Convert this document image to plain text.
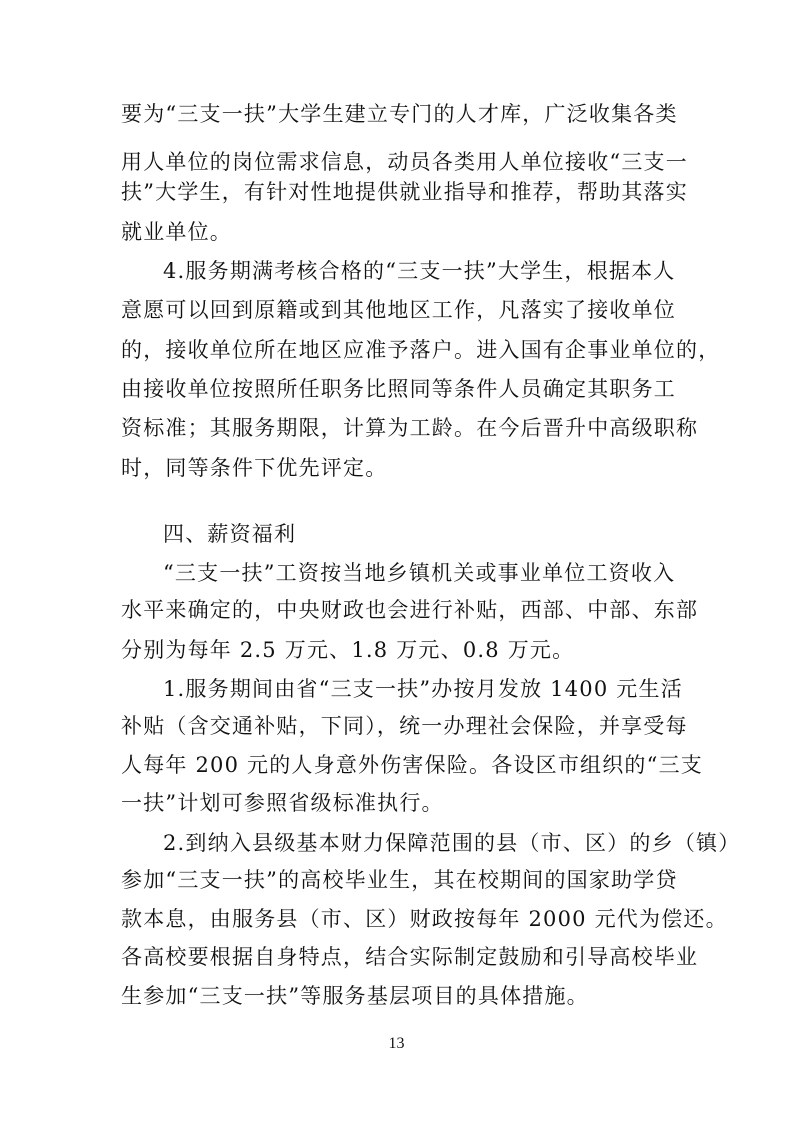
要为“三支一扶”大学生建立专门的人才库，广泛收集各类
用人单位的岗位需求信息，动员各类用人单位接收“三支一
扶”大学生，有针对性地提供就业指导和推荐，帮助其落实
就业单位。
4.服务期满考核合格的“三支一扶”大学生，根据本人
意愿可以回到原籍或到其他地区工作，凡落实了接收单位
的，接收单位所在地区应准予落户。进入国有企事业单位的，
由接收单位按照所任职务比照同等条件人员确定其职务工
资标准；其服务期限，计算为工龄。在今后晋升中高级职称
时，同等条件下优先评定。
四、薪资福利
“三支一扶”工资按当地乡镇机关或事业单位工资收入
水平来确定的，中央财政也会进行补贴，西部、中部、东部
分别为每年 2.5 万元、1.8 万元、0.8 万元。
1.服务期间由省“三支一扶”办按月发放 1400 元生活
补贴（含交通补贴，下同），统一办理社会保险，并享受每
人每年 200 元的人身意外伤害保险。各设区市组织的“三支
一扶”计划可参照省级标准执行。
2.到纳入县级基本财力保障范围的县（市、区）的乡（镇）
参加“三支一扶”的高校毕业生，其在校期间的国家助学贷
款本息，由服务县（市、区）财政按每年 2000 元代为偿还。
各高校要根据自身特点，结合实际制定鼓励和引导高校毕业
生参加“三支一扶”等服务基层项目的具体措施。
13
